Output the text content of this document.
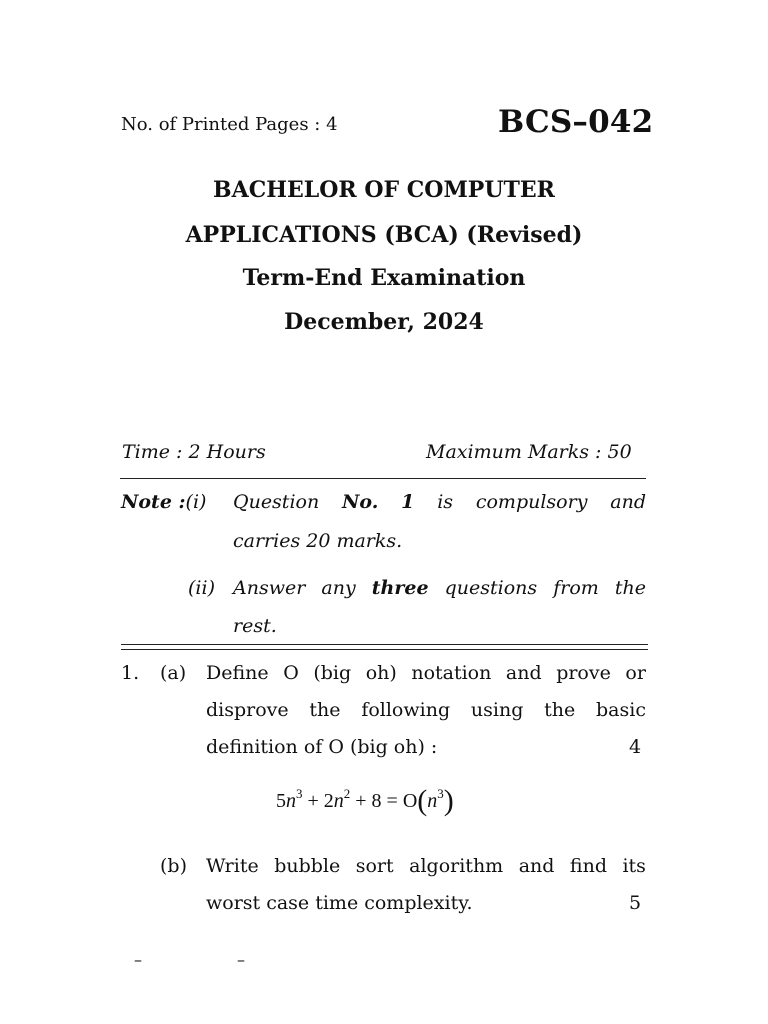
No. of Printed Pages : 4	BCS–042
BACHELOR OF COMPUTER
APPLICATIONS (BCA) (Revised)
Term-End Examination
December, 2024
Time : 2 Hours	Maximum Marks : 50
Note :(i) Question No. 1 is compulsory and
carries 20 marks.
(ii) Answer any three questions from the
rest.
1. (a) Define O (big oh) notation and prove or
disprove the following using the basic
definition of O (big oh) :	4
$5n^3 + 2n^2 + 8 = O(n^3)$
(b) Write bubble sort algorithm and find its
worst case time complexity.	5
–	–
